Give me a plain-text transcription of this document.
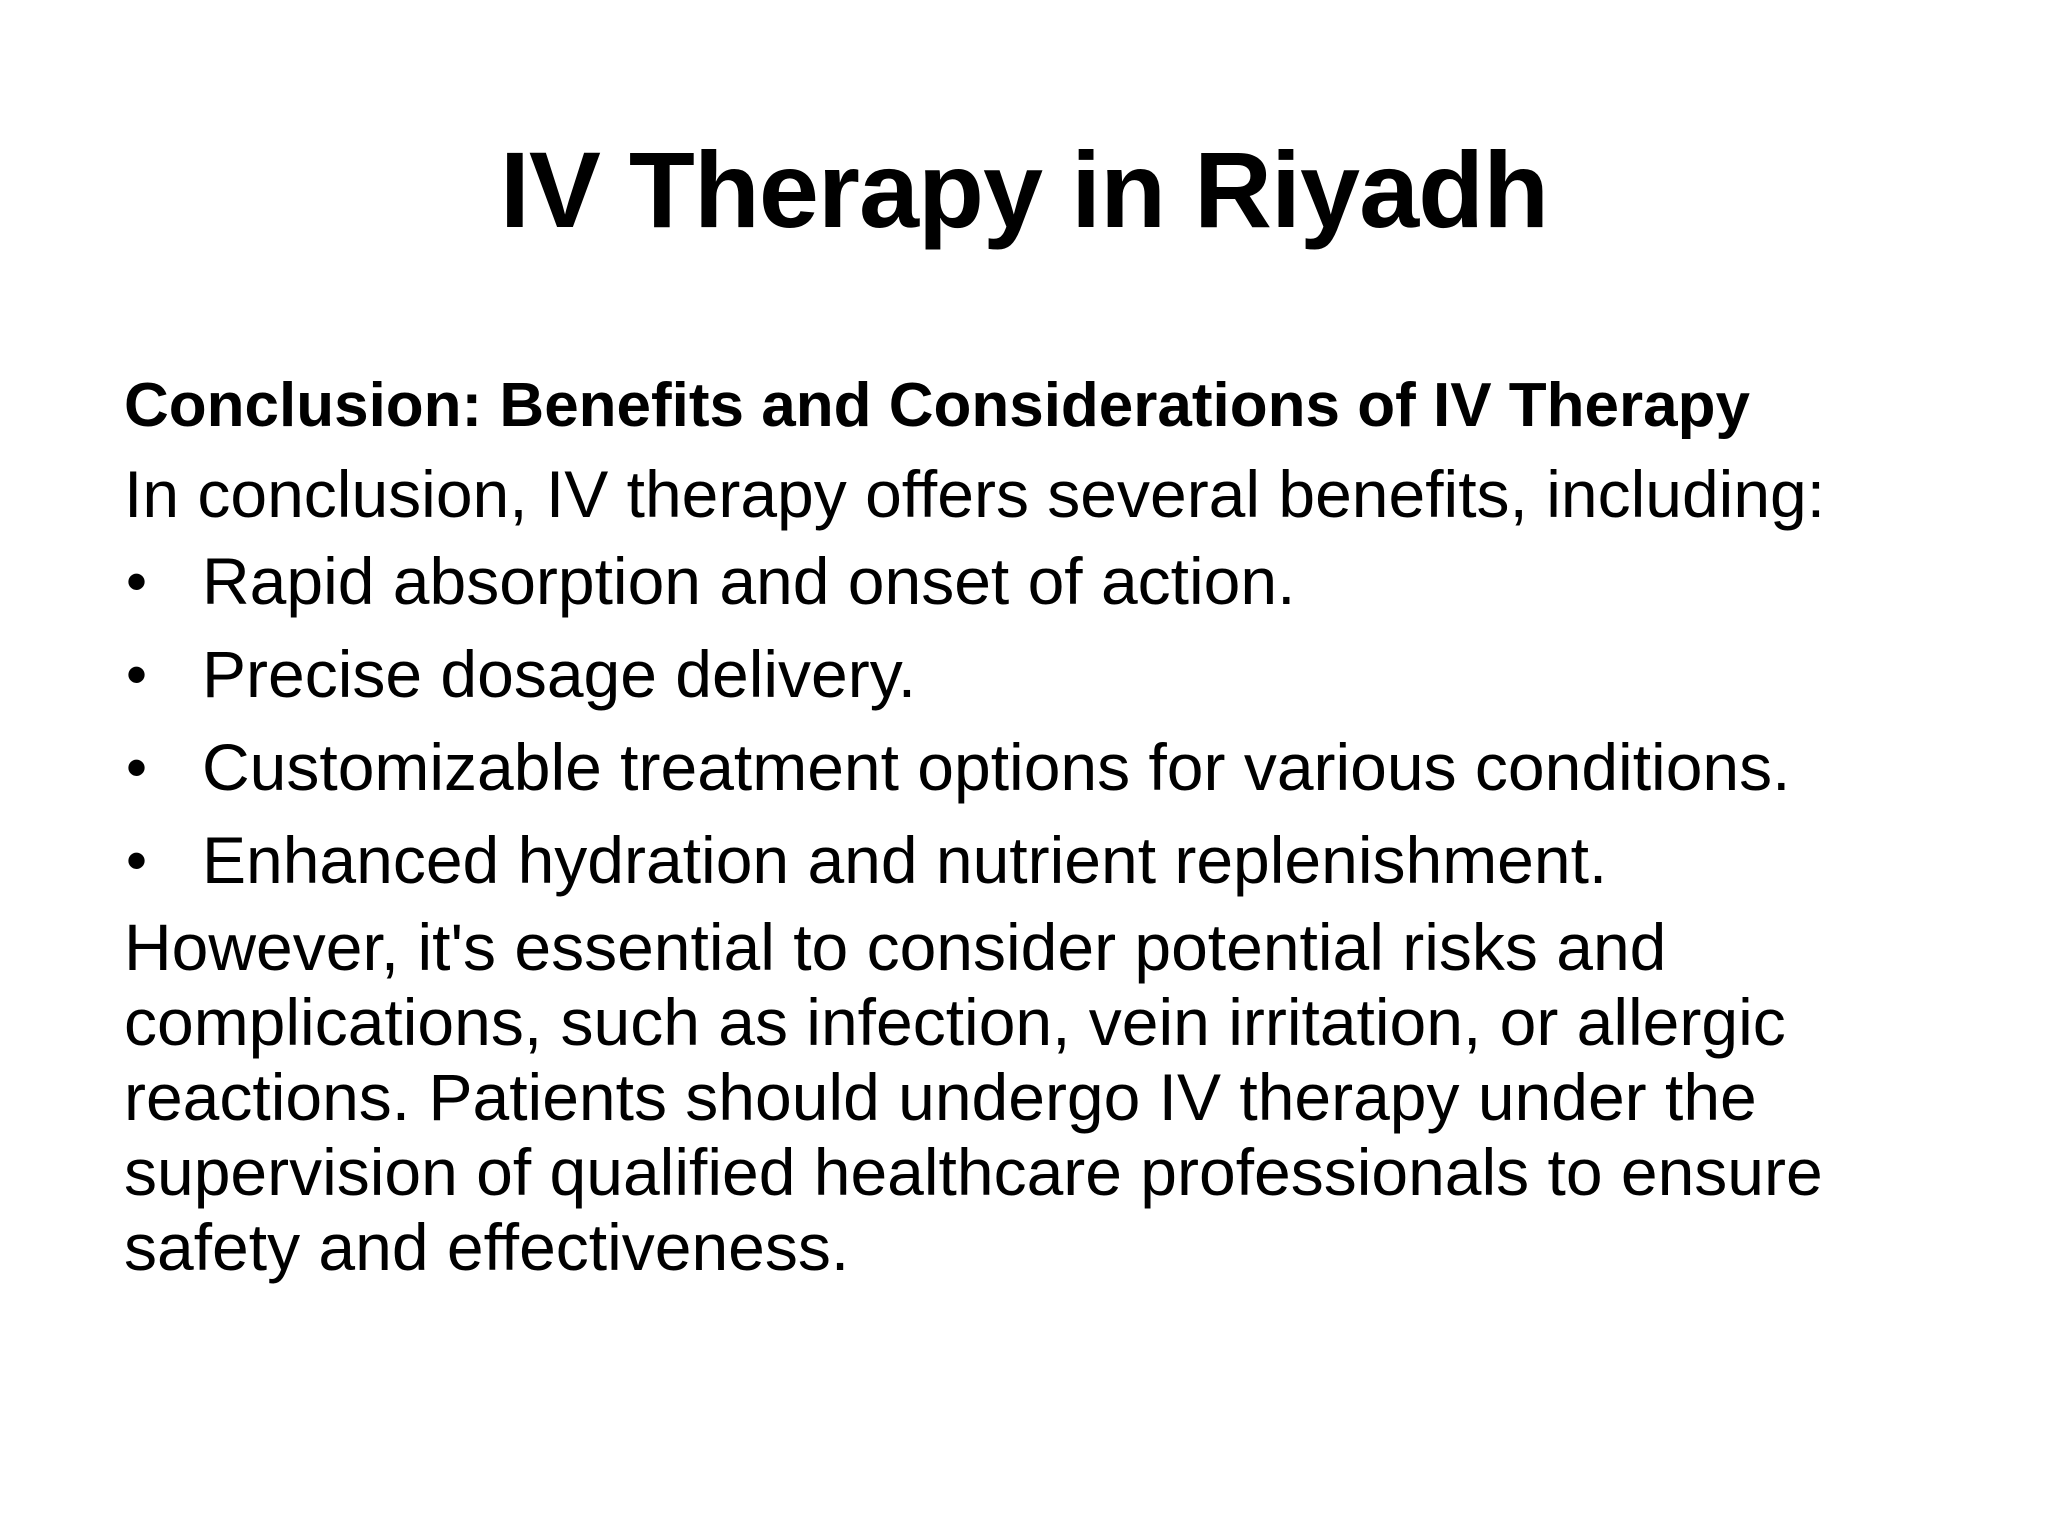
IV Therapy in Riyadh

Conclusion: Benefits and Considerations of IV Therapy

In conclusion, IV therapy offers several benefits, including:

• Rapid absorption and onset of action.
• Precise dosage delivery.
• Customizable treatment options for various conditions.
• Enhanced hydration and nutrient replenishment.

However, it's essential to consider potential risks and complications, such as infection, vein irritation, or allergic reactions. Patients should undergo IV therapy under the supervision of qualified healthcare professionals to ensure safety and effectiveness.
